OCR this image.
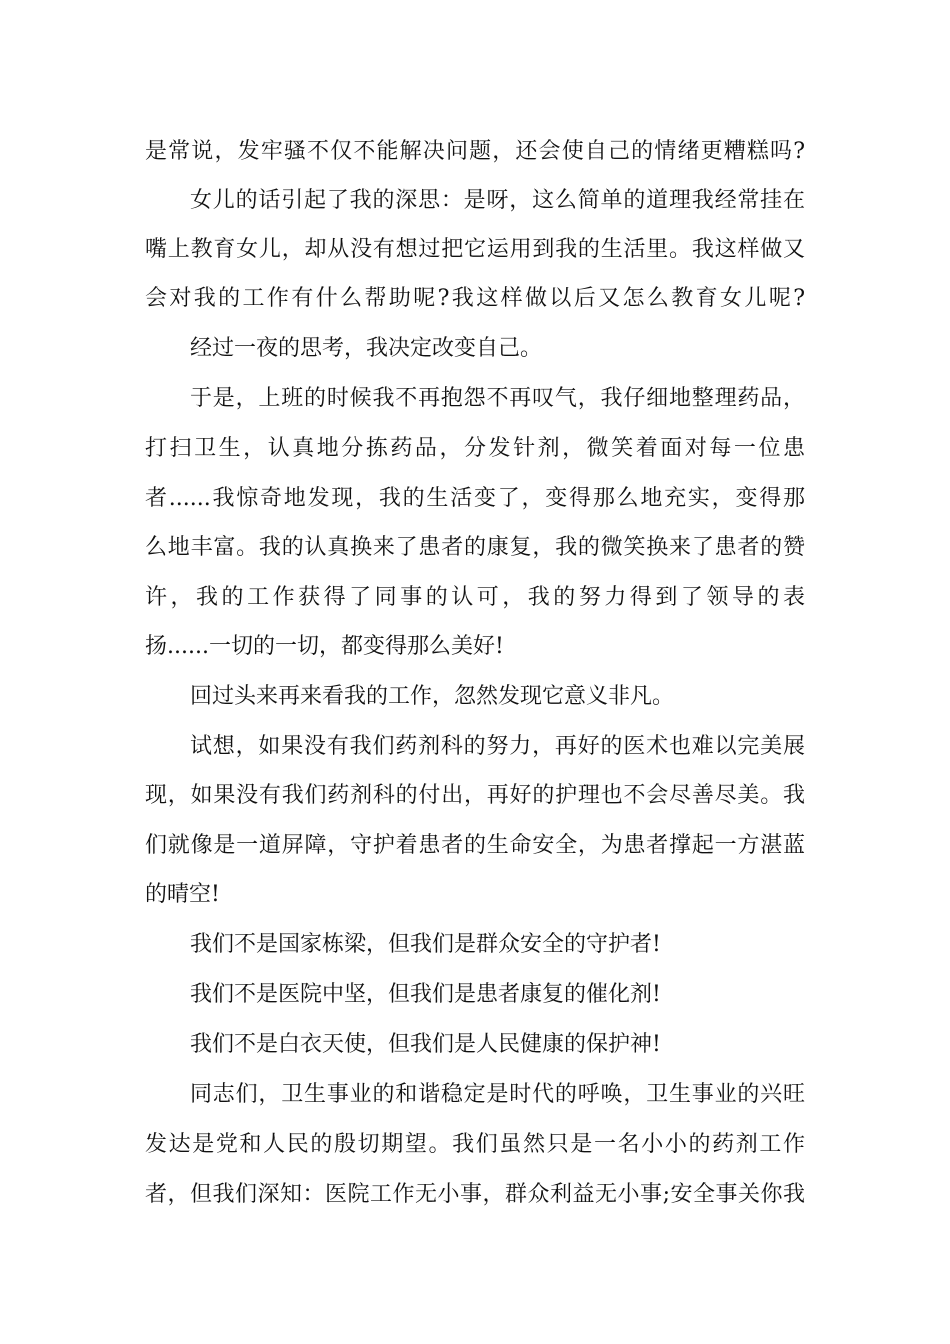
是常说，发牢骚不仅不能解决问题，还会使自己的情绪更糟糕吗?
女儿的话引起了我的深思：是呀，这么简单的道理我经常挂在
嘴上教育女儿，却从没有想过把它运用到我的生活里。我这样做又
会对我的工作有什么帮助呢?我这样做以后又怎么教育女儿呢?
经过一夜的思考，我决定改变自己。
于是，上班的时候我不再抱怨不再叹气，我仔细地整理药品，
打扫卫生，认真地分拣药品，分发针剂，微笑着面对每一位患
者......我惊奇地发现，我的生活变了，变得那么地充实，变得那
么地丰富。我的认真换来了患者的康复，我的微笑换来了患者的赞
许，我的工作获得了同事的认可，我的努力得到了领导的表
扬......一切的一切，都变得那么美好!
回过头来再来看我的工作，忽然发现它意义非凡。
试想，如果没有我们药剂科的努力，再好的医术也难以完美展
现，如果没有我们药剂科的付出，再好的护理也不会尽善尽美。我
们就像是一道屏障，守护着患者的生命安全，为患者撑起一方湛蓝
的晴空!
我们不是国家栋梁，但我们是群众安全的守护者!
我们不是医院中坚，但我们是患者康复的催化剂!
我们不是白衣天使，但我们是人民健康的保护神!
同志们，卫生事业的和谐稳定是时代的呼唤，卫生事业的兴旺
发达是党和人民的殷切期望。我们虽然只是一名小小的药剂工作
者，但我们深知：医院工作无小事，群众利益无小事;安全事关你我
